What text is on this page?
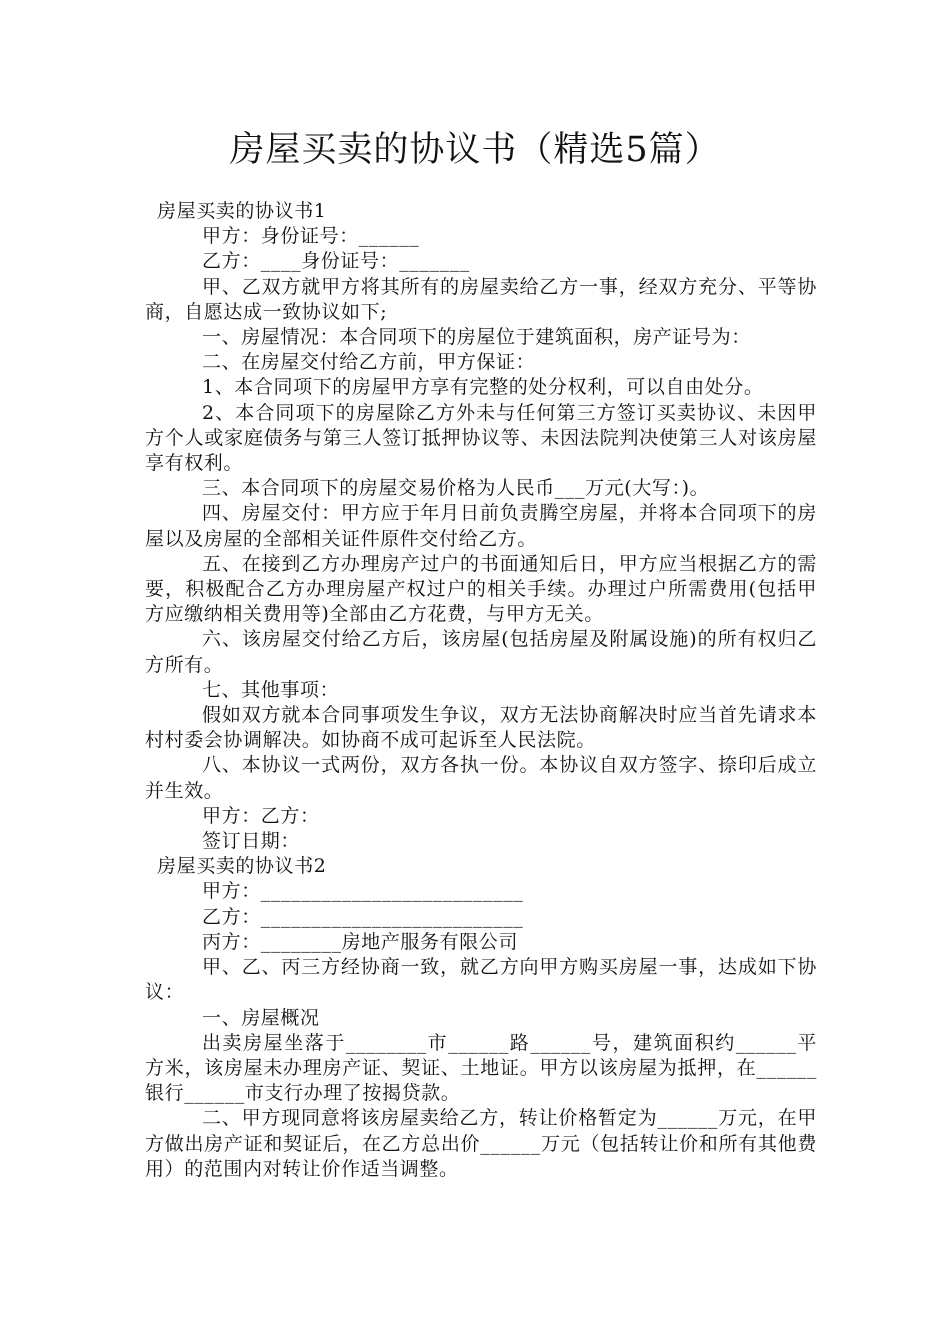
房屋买卖的协议书（精选5篇）

房屋买卖的协议书1

甲方：身份证号：______

乙方：____身份证号：_______

甲、乙双方就甲方将其所有的房屋卖给乙方一事，经双方充分、平等协商，自愿达成一致协议如下;

一、房屋情况：本合同项下的房屋位于建筑面积，房产证号为：

二、在房屋交付给乙方前，甲方保证：

1、本合同项下的房屋甲方享有完整的处分权利，可以自由处分。

2、本合同项下的房屋除乙方外未与任何第三方签订买卖协议、未因甲方个人或家庭债务与第三人签订抵押协议等、未因法院判决使第三人对该房屋享有权利。

三、本合同项下的房屋交易价格为人民币___万元(大写：)。

四、房屋交付：甲方应于年月日前负责腾空房屋，并将本合同项下的房屋以及房屋的全部相关证件原件交付给乙方。

五、在接到乙方办理房产过户的书面通知后日，甲方应当根据乙方的需要，积极配合乙方办理房屋产权过户的相关手续。办理过户所需费用(包括甲方应缴纳相关费用等)全部由乙方花费，与甲方无关。

六、该房屋交付给乙方后，该房屋(包括房屋及附属设施)的所有权归乙方所有。

七、其他事项：

假如双方就本合同事项发生争议，双方无法协商解决时应当首先请求本村村委会协调解决。如协商不成可起诉至人民法院。

八、本协议一式两份，双方各执一份。本协议自双方签字、捺印后成立并生效。

甲方：乙方：

签订日期：

房屋买卖的协议书2

甲方：__________________________

乙方：__________________________

丙方：________房地产服务有限公司

甲、乙、丙三方经协商一致，就乙方向甲方购买房屋一事，达成如下协议：

一、房屋概况

出卖房屋坐落于________市______路______号，建筑面积约______平方米，该房屋未办理房产证、契证、土地证。甲方以该房屋为抵押，在______银行______市支行办理了按揭贷款。

二、甲方现同意将该房屋卖给乙方，转让价格暂定为______万元，在甲方做出房产证和契证后，在乙方总出价______万元（包括转让价和所有其他费用）的范围内对转让价作适当调整。
